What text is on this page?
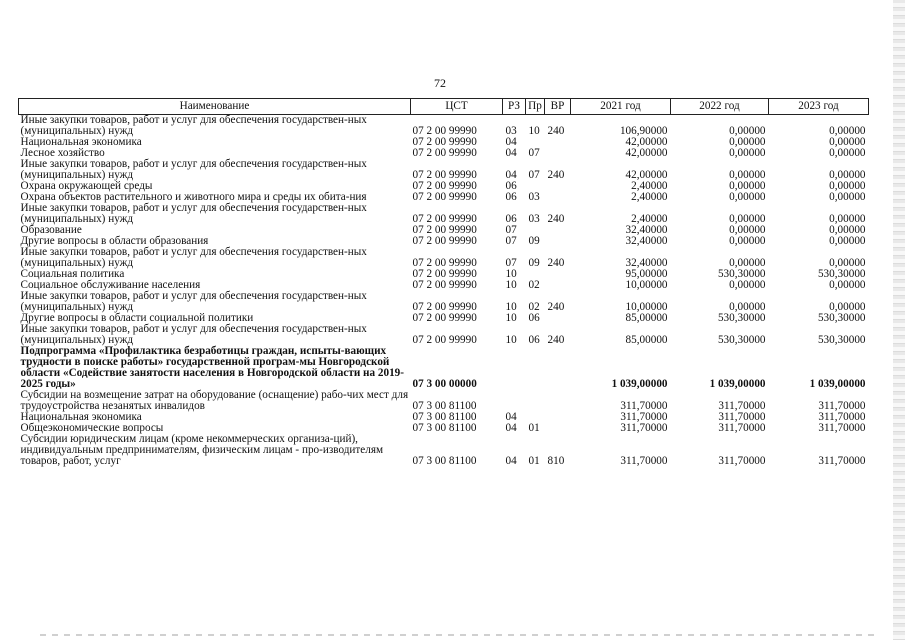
72
Наименование	ЦСТ	РЗ	Пр	ВР	2021 год	2022 год	2023 год
Иные закупки товаров, работ и услуг для обеспечения государствен-ных (муниципальных) нужд	07 2 00 99990	03	10	240	106,90000	0,00000	0,00000
Национальная экономика	07 2 00 99990	04			42,00000	0,00000	0,00000
Лесное хозяйство	07 2 00 99990	04	07		42,00000	0,00000	0,00000
Иные закупки товаров, работ и услуг для обеспечения государствен-ных (муниципальных) нужд	07 2 00 99990	04	07	240	42,00000	0,00000	0,00000
Охрана окружающей среды	07 2 00 99990	06			2,40000	0,00000	0,00000
Охрана объектов растительного и животного мира и среды их обита-ния	07 2 00 99990	06	03		2,40000	0,00000	0,00000
Иные закупки товаров, работ и услуг для обеспечения государствен-ных (муниципальных) нужд	07 2 00 99990	06	03	240	2,40000	0,00000	0,00000
Образование	07 2 00 99990	07			32,40000	0,00000	0,00000
Другие вопросы в области образования	07 2 00 99990	07	09		32,40000	0,00000	0,00000
Иные закупки товаров, работ и услуг для обеспечения государствен-ных (муниципальных) нужд	07 2 00 99990	07	09	240	32,40000	0,00000	0,00000
Социальная политика	07 2 00 99990	10			95,00000	530,30000	530,30000
Социальное обслуживание населения	07 2 00 99990	10	02		10,00000	0,00000	0,00000
Иные закупки товаров, работ и услуг для обеспечения государствен-ных (муниципальных) нужд	07 2 00 99990	10	02	240	10,00000	0,00000	0,00000
Другие вопросы в области социальной политики	07 2 00 99990	10	06		85,00000	530,30000	530,30000
Иные закупки товаров, работ и услуг для обеспечения государствен-ных (муниципальных) нужд	07 2 00 99990	10	06	240	85,00000	530,30000	530,30000
Подпрограмма «Профилактика безработицы граждан, испыты-вающих трудности в поиске работы» государственной програм-мы Новгородской области «Содействие занятости населения в Новгородской области на 2019-2025 годы»	07 3 00 00000				1 039,00000	1 039,00000	1 039,00000
Субсидии на возмещение затрат на оборудование (оснащение) рабо-чих мест для трудоустройства незанятых инвалидов	07 3 00 81100				311,70000	311,70000	311,70000
Национальная экономика	07 3 00 81100	04			311,70000	311,70000	311,70000
Общеэкономические вопросы	07 3 00 81100	04	01		311,70000	311,70000	311,70000
Субсидии юридическим лицам (кроме некоммерческих организа-ций), индивидуальным предпринимателям, физическим лицам - про-изводителям товаров, работ, услуг	07 3 00 81100	04	01	810	311,70000	311,70000	311,70000
